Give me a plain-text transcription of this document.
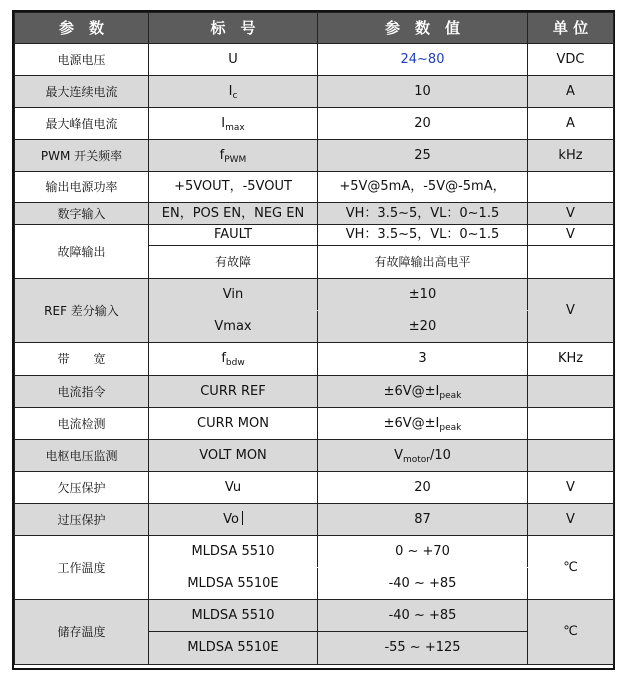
参　数	标　号	参　数　值	单 位
电源电压	U	24~80	VDC
最大连续电流	$I_c$	10	A
最大峰值电流	$I_{max}$	20	A
PWM 开关频率	$f_{PWM}$	25	kHz
输出电源功率	+5VOUT，-5VOUT	+5V@5mA，-5V@-5mA，	
数字输入	EN，POS EN，NEG EN	VH：3.5~5，VL：0~1.5	V
故障输出	FAULT	VH：3.5~5，VL：0~1.5	V
	有故障	有故障输出高电平	
REF 差分输入	Vin	±10	V
	Vmax	±20	
带　　宽	$f_{bdw}$	3	KHz
电流指令	CURR REF	$\pm 6V@\pm I_{peak}$	
电流检测	CURR MON	$\pm 6V@\pm I_{peak}$	
电枢电压监测	VOLT MON	$V_{motor}/10$	
欠压保护	Vu	20	V
过压保护	Vo	87	V
工作温度	MLDSA 5510	0 ~ +70	℃
	MLDSA 5510E	-40 ~ +85	
储存温度	MLDSA 5510	-40 ~ +85	℃
	MLDSA 5510E	-55 ~ +125	
